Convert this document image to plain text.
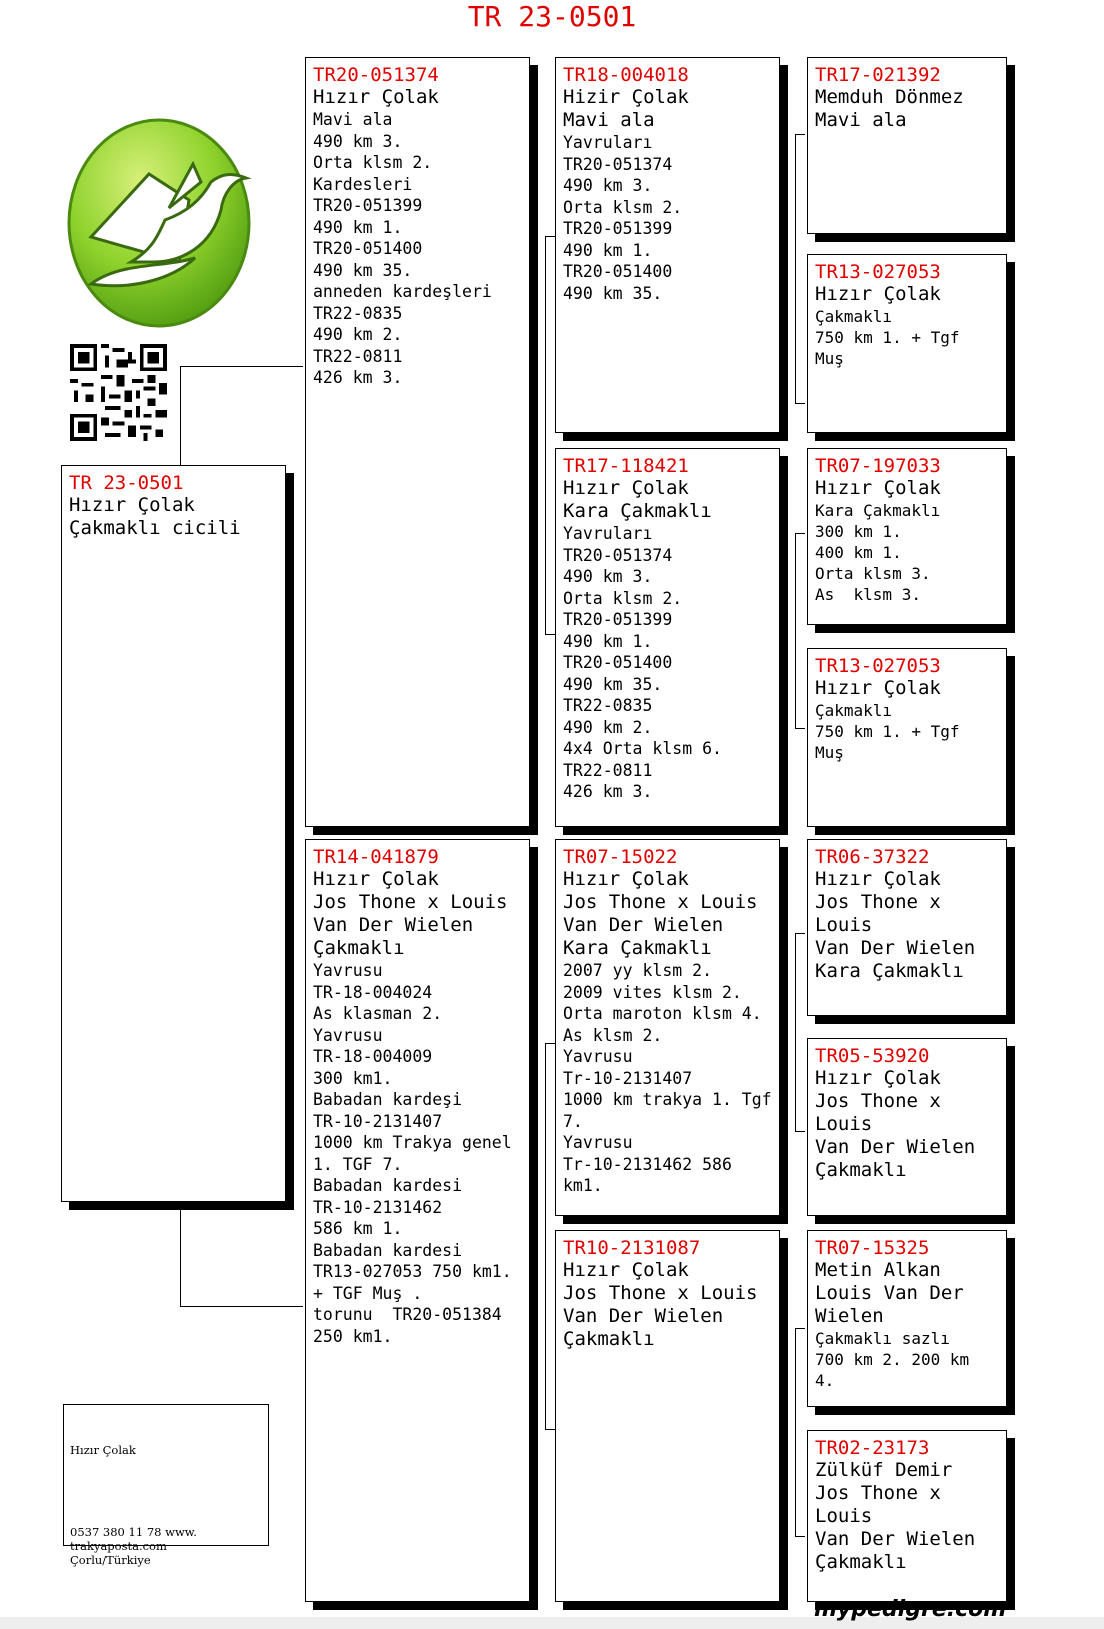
TR 23-0501
TR 23-0501
Hızır Çolak
Çakmaklı cicili
TR20-051374
Hızır Çolak
Mavi ala
490 km 3.
Orta klsm 2.
Kardesleri
TR20-051399
490 km 1.
TR20-051400
490 km 35.
anneden kardeşleri
TR22-0835
490 km 2.
TR22-0811
426 km 3.
TR14-041879
Hızır Çolak
Jos Thone x Louis
Van Der Wielen
Çakmaklı
Yavrusu
TR-18-004024
As klasman 2.
Yavrusu
TR-18-004009
300 km1.
Babadan kardeşi
TR-10-2131407
1000 km Trakya genel
1. TGF 7.
Babadan kardesi
TR-10-2131462
586 km 1.
Babadan kardesi
TR13-027053 750 km1.
+ TGF Muş .
torunu  TR20-051384
250 km1.
TR18-004018
Hizir Çolak
Mavi ala
Yavruları
TR20-051374
490 km 3.
Orta klsm 2.
TR20-051399
490 km 1.
TR20-051400
490 km 35.
TR17-118421
Hızır Çolak
Kara Çakmaklı
Yavruları
TR20-051374
490 km 3.
Orta klsm 2.
TR20-051399
490 km 1.
TR20-051400
490 km 35.
TR22-0835
490 km 2.
4x4 Orta klsm 6.
TR22-0811
426 km 3.
TR07-15022
Hızır Çolak
Jos Thone x Louis
Van Der Wielen
Kara Çakmaklı
2007 yy klsm 2.
2009 vites klsm 2.
Orta maroton klsm 4.
As klsm 2.
Yavrusu
Tr-10-2131407
1000 km trakya 1. Tgf
7.
Yavrusu
Tr-10-2131462 586
km1.
TR10-2131087
Hızır Çolak
Jos Thone x Louis
Van Der Wielen
Çakmaklı
TR17-021392
Memduh Dönmez
Mavi ala
TR13-027053
Hızır Çolak
Çakmaklı
750 km 1. + Tgf
Muş
TR07-197033
Hızır Çolak
Kara Çakmaklı
300 km 1.
400 km 1.
Orta klsm 3.
As  klsm 3.
TR13-027053
Hızır Çolak
Çakmaklı
750 km 1. + Tgf
Muş
TR06-37322
Hızır Çolak
Jos Thone x Louis
Van Der Wielen
Kara Çakmaklı
TR05-53920
Hızır Çolak
Jos Thone x Louis
Van Der Wielen
Çakmaklı
TR07-15325
Metin Alkan
Louis Van Der
Wielen
Çakmaklı sazlı
700 km 2. 200 km
4.
TR02-23173
Zülküf Demir
Jos Thone x Louis
Van Der Wielen
Çakmaklı

Hızır Çolak

0537 380 11 78 www.
trakyaposta.com
Çorlu/Türkiye

mypedigre.com
